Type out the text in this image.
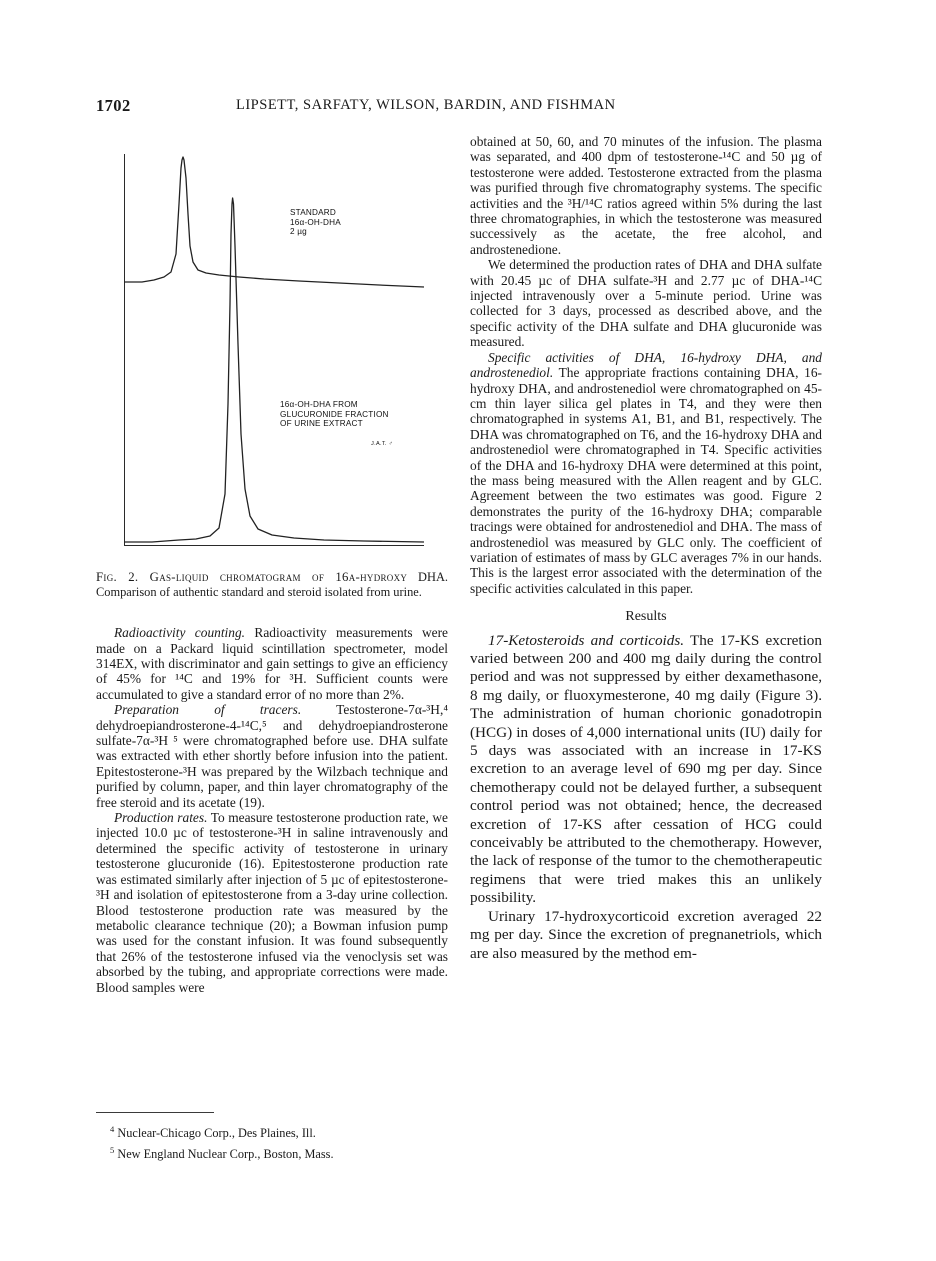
1702	LIPSETT, SARFATY, WILSON, BARDIN, AND FISHMAN
STANDARD
16α-OH-DHA
2 µg
16α-OH-DHA FROM
GLUCURONIDE FRACTION
OF URINE EXTRACT
J.A.T. ♂
Fig. 2. Gas-liquid chromatogram of 16α-hydroxy DHA. Comparison of authentic standard and steroid isolated from urine.

Radioactivity counting. Radioactivity measurements were made on a Packard liquid scintillation spectrometer, model 314EX, with discriminator and gain settings to give an efficiency of 45% for ¹⁴C and 19% for ³H. Sufficient counts were accumulated to give a standard error of no more than 2%.

Preparation of tracers. Testosterone-7α-³H,⁴ dehydroepiandrosterone-4-¹⁴C,⁵ and dehydroepiandrosterone sulfate-7α-³H ⁵ were chromatographed before use. DHA sulfate was extracted with ether shortly before infusion into the patient. Epitestosterone-³H was prepared by the Wilzbach technique and purified by column, paper, and thin layer chromatography of the free steroid and its acetate (19).

Production rates. To measure testosterone production rate, we injected 10.0 µc of testosterone-³H in saline intravenously and determined the specific activity of testosterone in urinary testosterone glucuronide (16). Epitestosterone production rate was estimated similarly after injection of 5 µc of epitestosterone-³H and isolation of epitestosterone from a 3-day urine collection. Blood testosterone production rate was measured by the metabolic clearance technique (20); a Bowman infusion pump was used for the constant infusion. It was found subsequently that 26% of the testosterone infused via the venoclysis set was absorbed by the tubing, and appropriate corrections were made. Blood samples were

$^4$ Nuclear-Chicago Corp., Des Plaines, Ill.

$^5$ New England Nuclear Corp., Boston, Mass.

obtained at 50, 60, and 70 minutes of the infusion. The plasma was separated, and 400 dpm of testosterone-¹⁴C and 50 µg of testosterone were added. Testosterone extracted from the plasma was purified through five chromatography systems. The specific activities and the ³H/¹⁴C ratios agreed within 5% during the last three chromatographies, in which the testosterone was measured successively as the acetate, the free alcohol, and androstenedione.

We determined the production rates of DHA and DHA sulfate with 20.45 µc of DHA sulfate-³H and 2.77 µc of DHA-¹⁴C injected intravenously over a 5-minute period. Urine was collected for 3 days, processed as described above, and the specific activity of the DHA sulfate and DHA glucuronide was measured.

Specific activities of DHA, 16-hydroxy DHA, and androstenediol. The appropriate fractions containing DHA, 16-hydroxy DHA, and androstenediol were chromatographed on 45-cm thin layer silica gel plates in T4, and they were then chromatographed in systems A1, B1, and B1, respectively. The DHA was chromatographed on T6, and the 16-hydroxy DHA and androstenediol were chromatographed in T4. Specific activities of the DHA and 16-hydroxy DHA were determined at this point, the mass being measured with the Allen reagent and by GLC. Agreement between the two estimates was good. Figure 2 demonstrates the purity of the 16-hydroxy DHA; comparable tracings were obtained for androstenediol and DHA. The mass of androstenediol was measured by GLC only. The coefficient of variation of estimates of mass by GLC averages 7% in our hands. This is the largest error associated with the determination of the specific activities calculated in this paper.

Results

17-Ketosteroids and corticoids. The 17-KS excretion varied between 200 and 400 mg daily during the control period and was not suppressed by either dexamethasone, 8 mg daily, or fluoxymesterone, 40 mg daily (Figure 3). The administration of human chorionic gonadotropin (HCG) in doses of 4,000 international units (IU) daily for 5 days was associated with an increase in 17-KS excretion to an average level of 690 mg per day. Since chemotherapy could not be delayed further, a subsequent control period was not obtained; hence, the decreased excretion of 17-KS after cessation of HCG could conceivably be attributed to the chemotherapy. However, the lack of response of the tumor to the chemotherapeutic regimens that were tried makes this an unlikely possibility.

Urinary 17-hydroxycorticoid excretion averaged 22 mg per day. Since the excretion of pregnanetriols, which are also measured by the method em-
